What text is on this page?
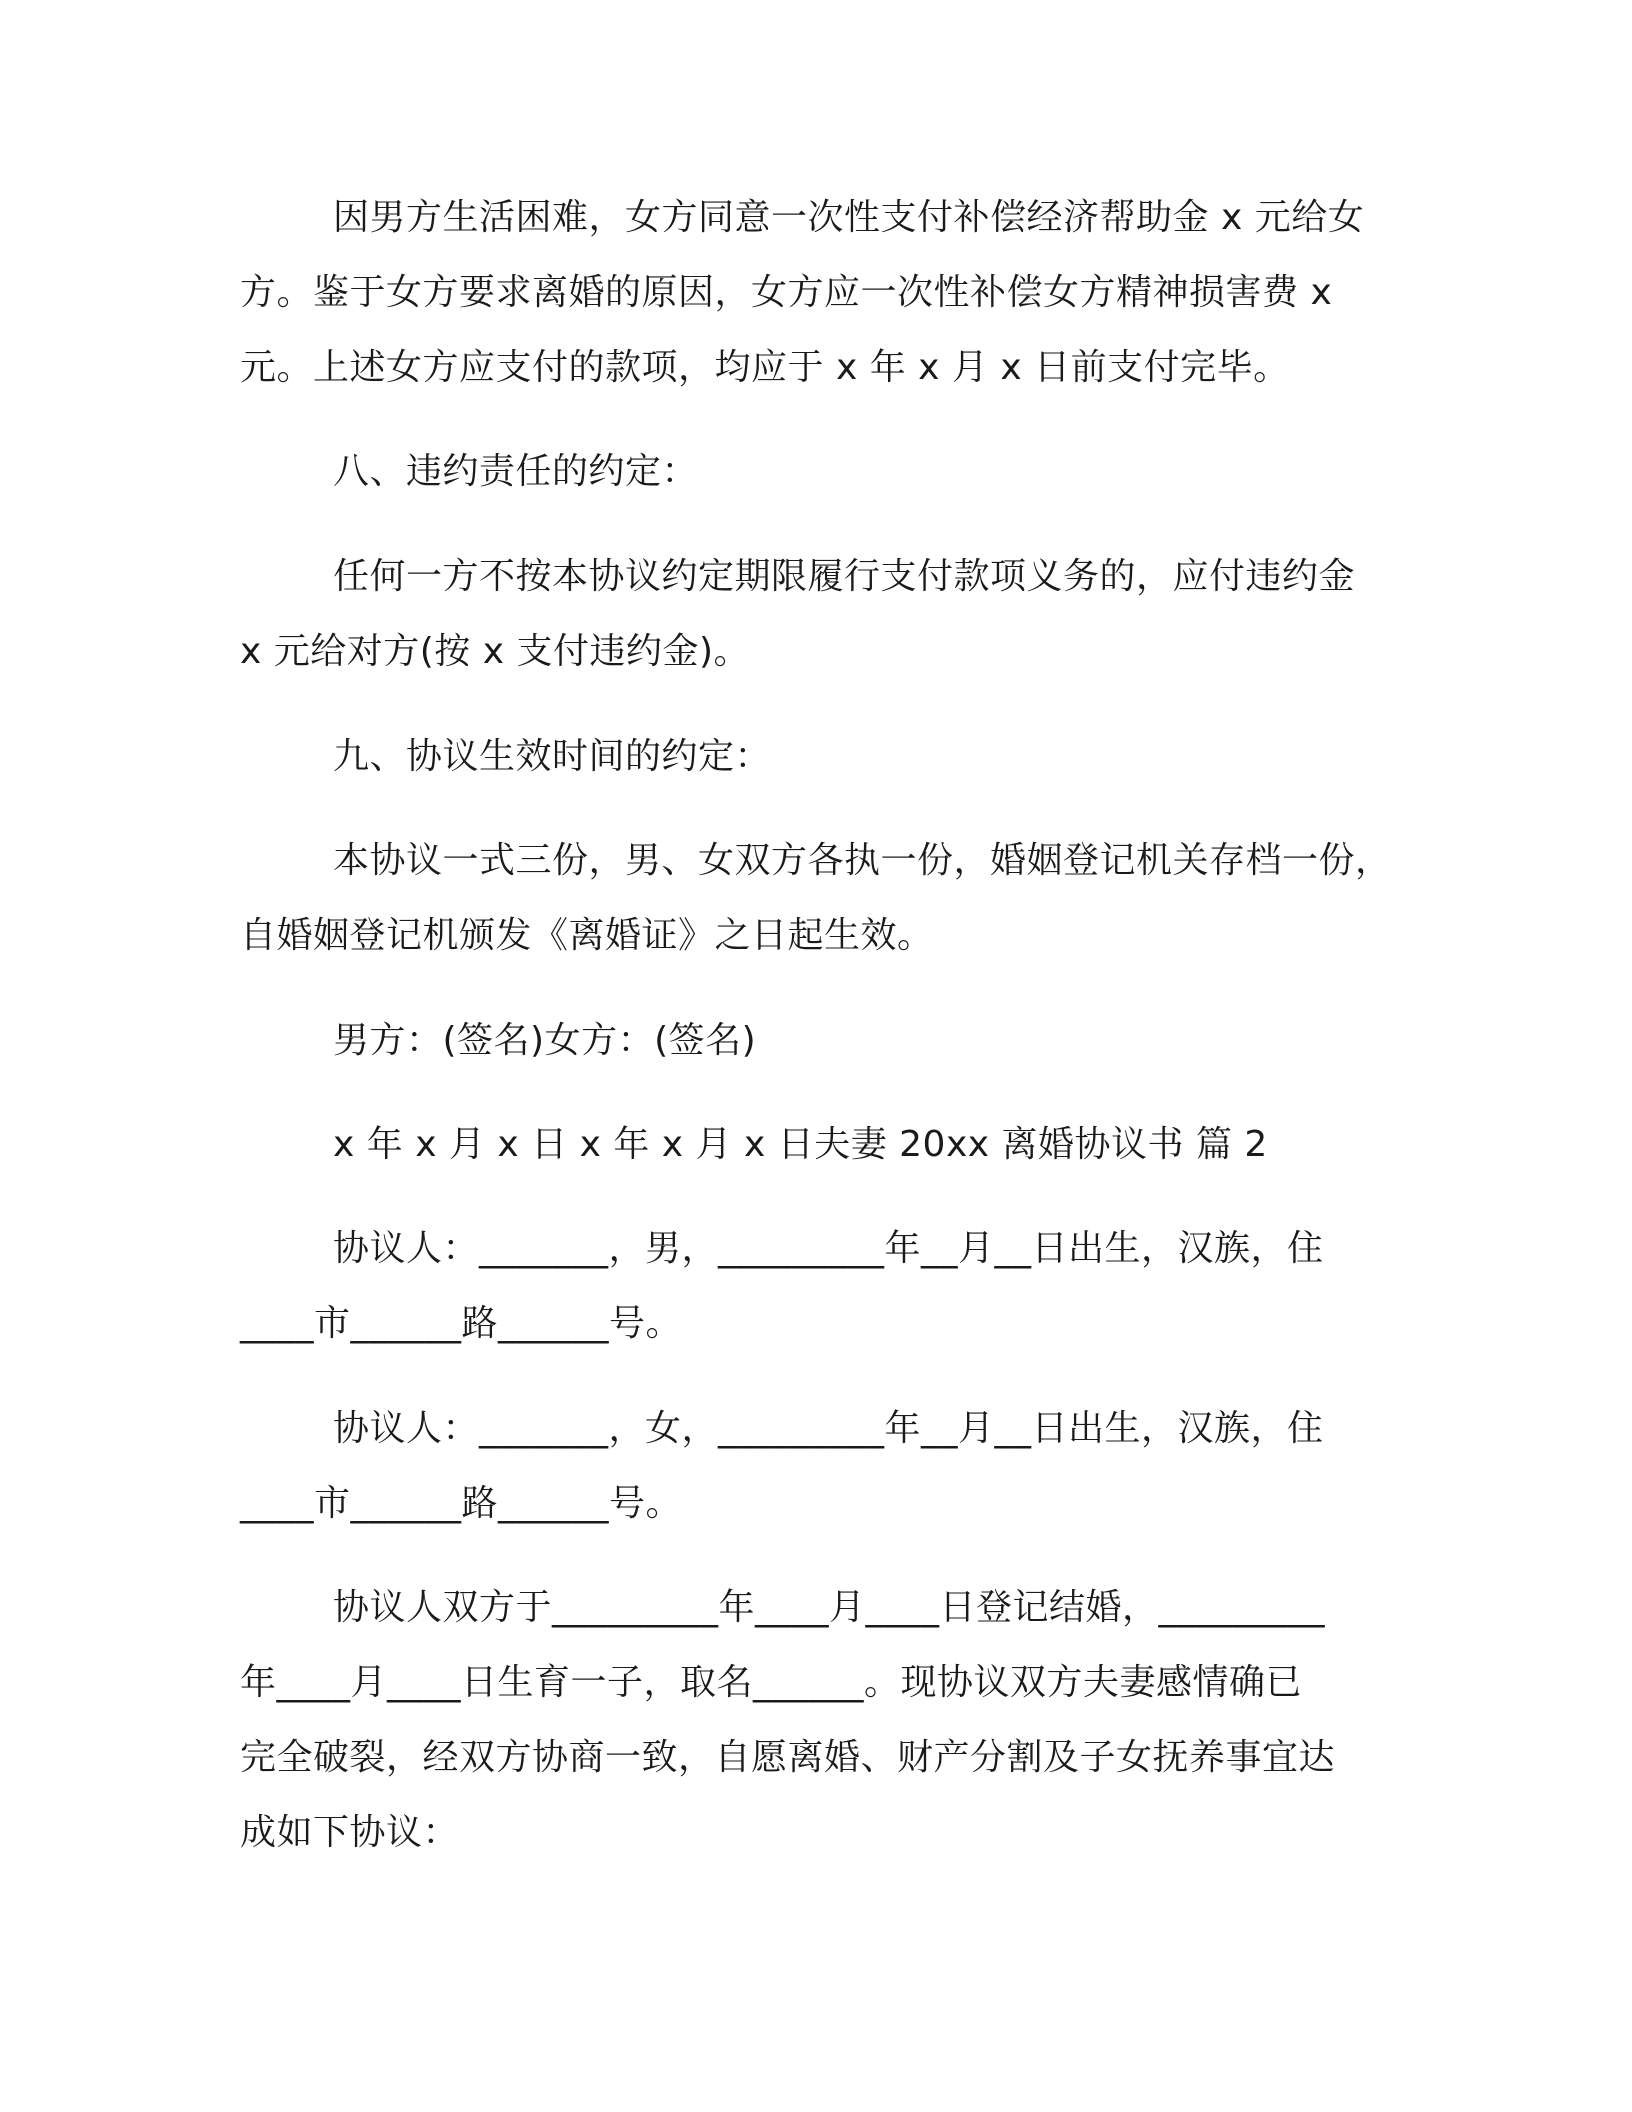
因男方生活困难，女方同意一次性支付补偿经济帮助金 x 元给女
方。鉴于女方要求离婚的原因，女方应一次性补偿女方精神损害费 x
元。上述女方应支付的款项，均应于 x 年 x 月 x 日前支付完毕。
八、违约责任的约定：
任何一方不按本协议约定期限履行支付款项义务的，应付违约金
x 元给对方(按 x 支付违约金)。
九、协议生效时间的约定：
本协议一式三份，男、女双方各执一份，婚姻登记机关存档一份，
自婚姻登记机颁发《离婚证》之日起生效。
男方：(签名)女方：(签名)
x 年 x 月 x 日 x 年 x 月 x 日夫妻 20xx 离婚协议书 篇 2
协议人：_______，男，_________年__月__日出生，汉族，住
____市______路______号。
协议人：_______，女，_________年__月__日出生，汉族，住
____市______路______号。
协议人双方于_________年____月____日登记结婚，_________
年____月____日生育一子，取名______。现协议双方夫妻感情确已
完全破裂，经双方协商一致，自愿离婚、财产分割及子女抚养事宜达
成如下协议：
